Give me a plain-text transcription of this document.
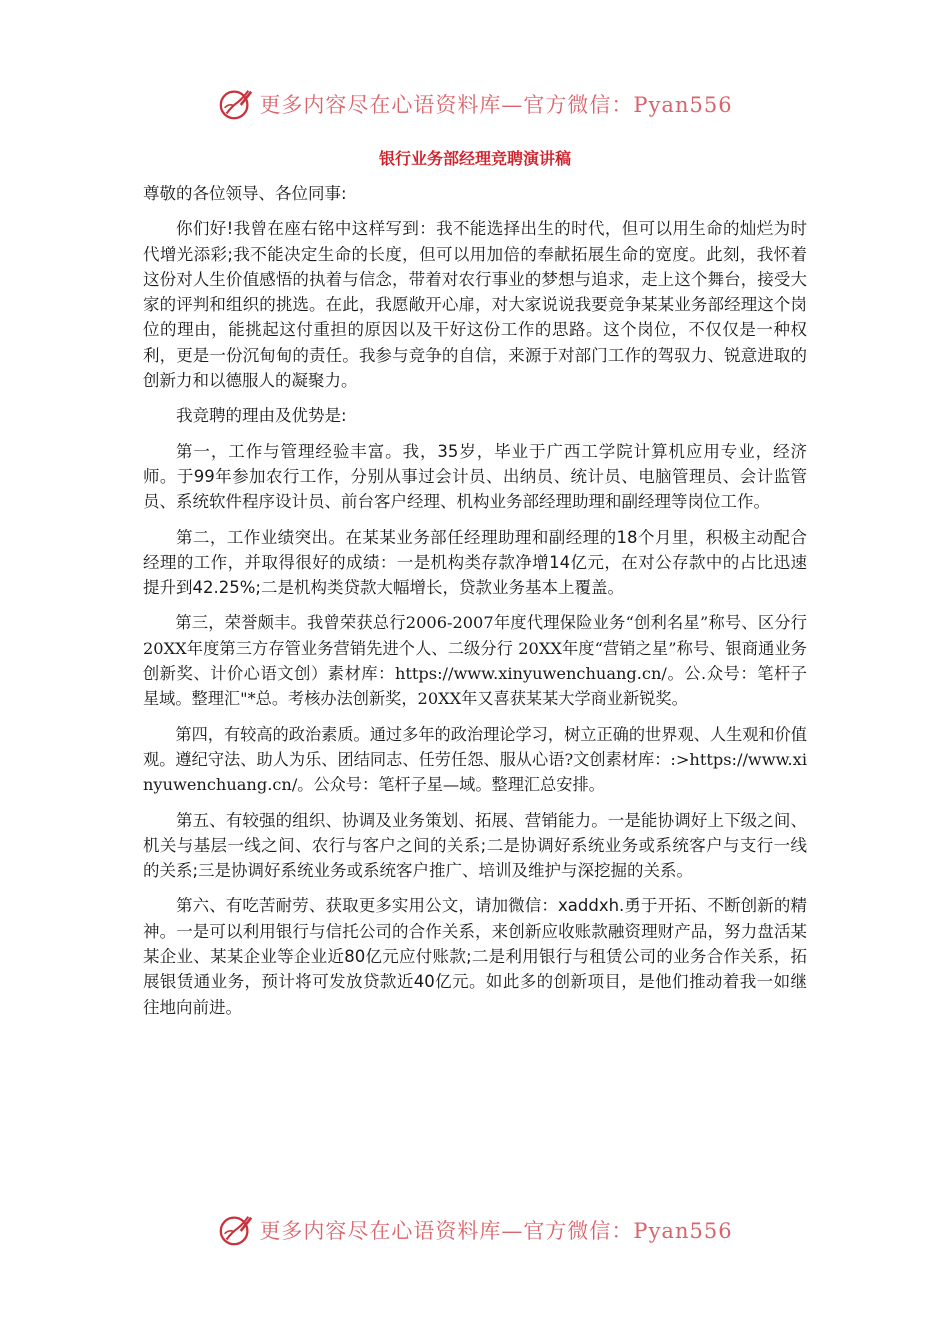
更多内容尽在心语资料库—官方微信：Pyan556
银行业务部经理竞聘演讲稿

尊敬的各位领导、各位同事:

你们好!我曾在座右铭中这样写到：我不能选择出生的时代，但可以用生命的灿烂为时代增光添彩;我不能决定生命的长度，但可以用加倍的奉献拓展生命的宽度。此刻，我怀着这份对人生价值感悟的执着与信念，带着对农行事业的梦想与追求，走上这个舞台，接受大家的评判和组织的挑选。在此，我愿敞开心扉，对大家说说我要竞争某某业务部经理这个岗位的理由，能挑起这付重担的原因以及干好这份工作的思路。这个岗位，不仅仅是一种权利，更是一份沉甸甸的责任。我参与竞争的自信，来源于对部门工作的驾驭力、锐意进取的创新力和以德服人的凝聚力。

我竞聘的理由及优势是:

第一，工作与管理经验丰富。我，35岁，毕业于广西工学院计算机应用专业，经济师。于99年参加农行工作，分别从事过会计员、出纳员、统计员、电脑管理员、会计监管员、系统软件程序设计员、前台客户经理、机构业务部经理助理和副经理等岗位工作。

第二，工作业绩突出。在某某业务部任经理助理和副经理的18个月里，积极主动配合经理的工作，并取得很好的成绩：一是机构类存款净增14亿元，在对公存款中的占比迅速提升到42.25%;二是机构类贷款大幅增长，贷款业务基本上覆盖。

第三，荣誉颇丰。我曾荣获总行2006-2007年度代理保险业务“创利名星”称号、区分行20XX年度第三方存管业务营销先进个人、二级分行 20XX年度“营销之星”称号、银商通业务创新奖、计价心语文创）素材库：https://www.xinyuwenchuang.cn/。公.众号：笔杆子星域。整理汇"*总。考核办法创新奖，20XX年又喜获某某大学商业新锐奖。

第四，有较高的政治素质。通过多年的政治理论学习，树立正确的世界观、人生观和价值观。遵纪守法、助人为乐、团结同志、任劳任怨、服从心语?文创素材库：:>https://www.xinyuwenchuang.cn/。公众号：笔杆子星—域。整理汇总安排。

第五、有较强的组织、协调及业务策划、拓展、营销能力。一是能协调好上下级之间、机关与基层一线之间、农行与客户之间的关系;二是协调好系统业务或系统客户与支行一线的关系;三是协调好系统业务或系统客户推广、培训及维护与深挖掘的关系。

第六、有吃苦耐劳、获取更多实用公文，请加微信：xaddxh.勇于开拓、不断创新的精神。一是可以利用银行与信托公司的合作关系，来创新应收账款融资理财产品，努力盘活某某企业、某某企业等企业近80亿元应付账款;二是利用银行与租赁公司的业务合作关系，拓展银赁通业务，预计将可发放贷款近40亿元。如此多的创新项目，是他们推动着我一如继往地向前进。

更多内容尽在心语资料库—官方微信：Pyan556
